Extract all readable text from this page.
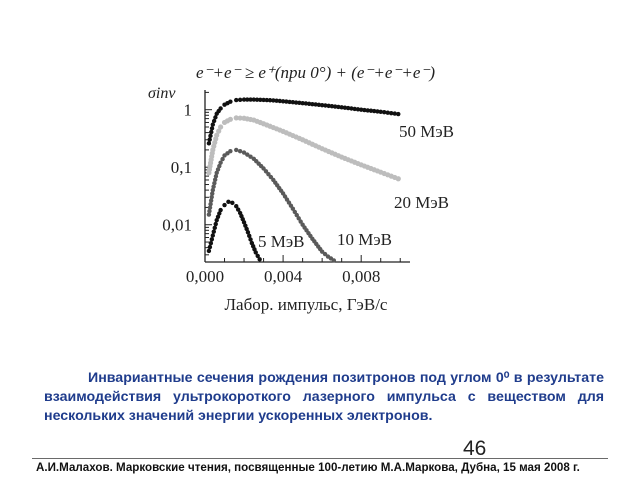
0,01
0,1
1
0,000 0,004 0,008
Лабор. импульс, ГэВ/c
σinv
e⁻+e⁻ ≥ e⁺(при 0°) + (e⁻+e⁻+e⁻)
50 МэВ
20 МэВ
10 МэВ
5 МэВ
Инвариантные сечения рождения позитронов под углом 0⁰ в результате взаимодействия ультрокороткого лазерного импульса с веществом для нескольких значений энергии ускоренных электронов.
46
А.И.Малахов. Марковские чтения, посвященные 100-летию М.А.Маркова, Дубна, 15 мая 2008 г.
